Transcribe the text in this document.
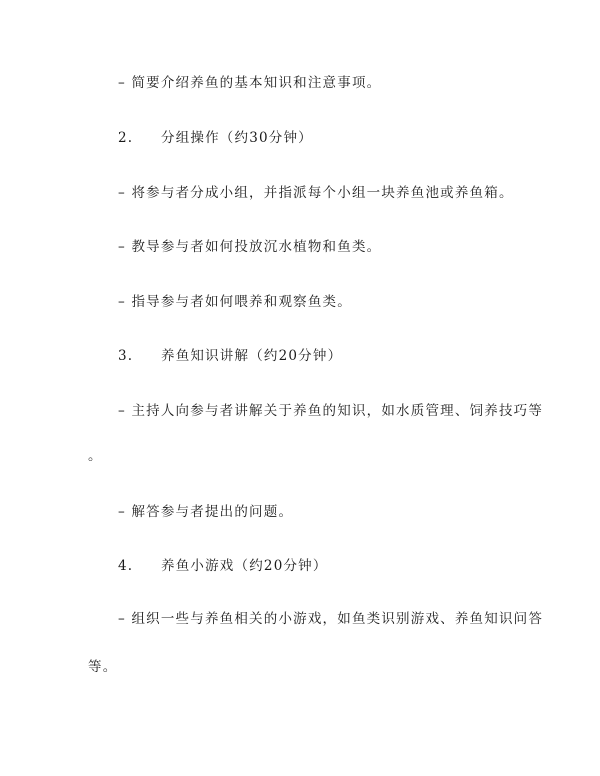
– 简要介绍养鱼的基本知识和注意事项。
2. 分组操作（约30分钟）
– 将参与者分成小组，并指派每个小组一块养鱼池或养鱼箱。
– 教导参与者如何投放沉水植物和鱼类。
– 指导参与者如何喂养和观察鱼类。
3. 养鱼知识讲解（约20分钟）
– 主持人向参与者讲解关于养鱼的知识，如水质管理、饲养技巧等
。
– 解答参与者提出的问题。
4. 养鱼小游戏（约20分钟）
– 组织一些与养鱼相关的小游戏，如鱼类识别游戏、养鱼知识问答
等。
